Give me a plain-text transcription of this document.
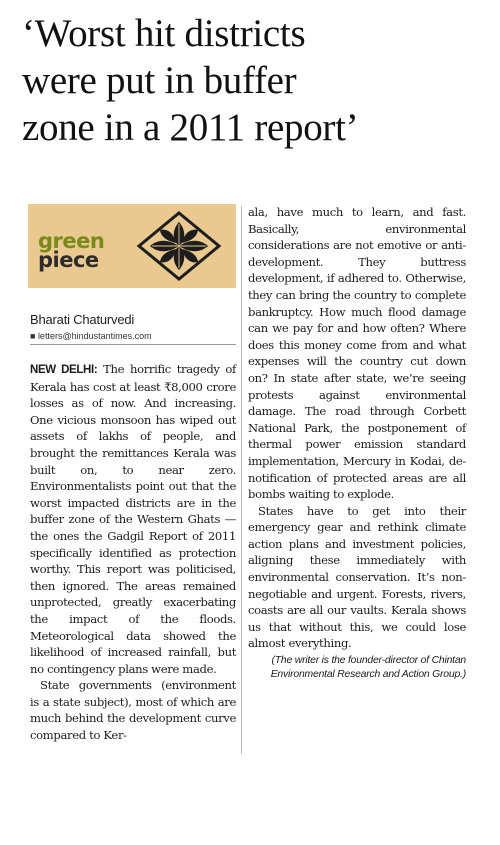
‘Worst hit districts
were put in buffer
zone in a 2011 report’
green
piece
Bharati Chaturvedi
■ letters@hindustantimes.com

NEW DELHI: The horrific tragedy of Kerala has cost at least ₹8,000 crore losses as of now. And increasing. One vicious monsoon has wiped out assets of lakhs of people, and brought the remittances Kerala was built on, to near zero. Environmentalists point out that the worst impacted districts are in the buffer zone of the Western Ghats — the ones the Gadgil Report of 2011 specifically identified as protection worthy. This report was politicised, then ignored. The areas remained unprotected, greatly exacerbating the impact of the floods. Meteorological data showed the likelihood of increased rainfall, but no contingency plans were made.

State governments (environment is a state subject), most of which are much behind the development curve compared to Ker-

ala, have much to learn, and fast. Basically, environmental considerations are not emotive or anti-development. They buttress development, if adhered to. Otherwise, they can bring the country to complete bankruptcy. How much flood damage can we pay for and how often? Where does this money come from and what expenses will the country cut down on? In state after state, we’re seeing protests against environmental damage. The road through Corbett National Park, the postponement of thermal power emission standard implementation, Mercury in Kodai, de-notification of protected areas are all bombs waiting to explode.

States have to get into their emergency gear and rethink climate action plans and investment policies, aligning these immediately with environmental conservation. It’s non-negotiable and urgent. Forests, rivers, coasts are all our vaults. Kerala shows us that without this, we could lose almost everything.

(The writer is the founder-director of Chintan Environmental Research and Action Group.)
